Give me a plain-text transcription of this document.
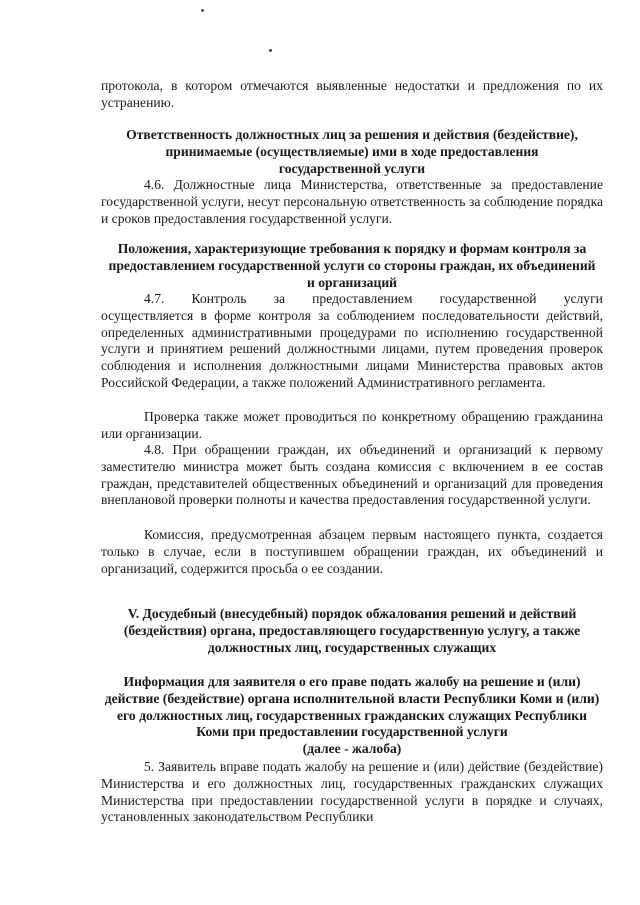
протокола, в котором отмечаются выявленные недостатки и предложения по их устранению.

Ответственность должностных лиц за решения и действия (бездействие), принимаемые (осуществляемые) ими в ходе предоставления государственной услуги

4.6. Должностные лица Министерства, ответственные за предоставление государственной услуги, несут персональную ответственность за соблюдение порядка и сроков предоставления государственной услуги.

Положения, характеризующие требования к порядку и формам контроля за предоставлением государственной услуги со стороны граждан, их объединений и организаций

4.7. Контроль за предоставлением государственной услуги

осуществляется в форме контроля за соблюдением последовательности действий, определенных административными процедурами по исполнению государственной услуги и принятием решений должностными лицами, путем проведения проверок соблюдения и исполнения должностными лицами Министерства правовых актов Российской Федерации, а также положений Административного регламента.

Проверка также может проводиться по конкретному обращению гражданина или организации.

4.8. При обращении граждан, их объединений и организаций к первому заместителю министра может быть создана комиссия с включением в ее состав граждан, представителей общественных объединений и организаций для проведения внеплановой проверки полноты и качества предоставления государственной услуги.

Комиссия, предусмотренная абзацем первым настоящего пункта, создается только в случае, если в поступившем обращении граждан, их объединений и организаций, содержится просьба о ее создании.

V. Досудебный (внесудебный) порядок обжалования решений и действий (бездействия) органа, предоставляющего государственную услугу, а также должностных лиц, государственных служащих

Информация для заявителя о его праве подать жалобу на решение и (или) действие (бездействие) органа исполнительной власти Республики Коми и (или) его должностных лиц, государственных гражданских служащих Республики Коми при предоставлении государственной услуги

(далее - жалоба)

5. Заявитель вправе подать жалобу на решение и (или) действие (бездействие) Министерства и его должностных лиц, государственных гражданских служащих Министерства при предоставлении государственной услуги в порядке и случаях, установленных законодательством Республики
